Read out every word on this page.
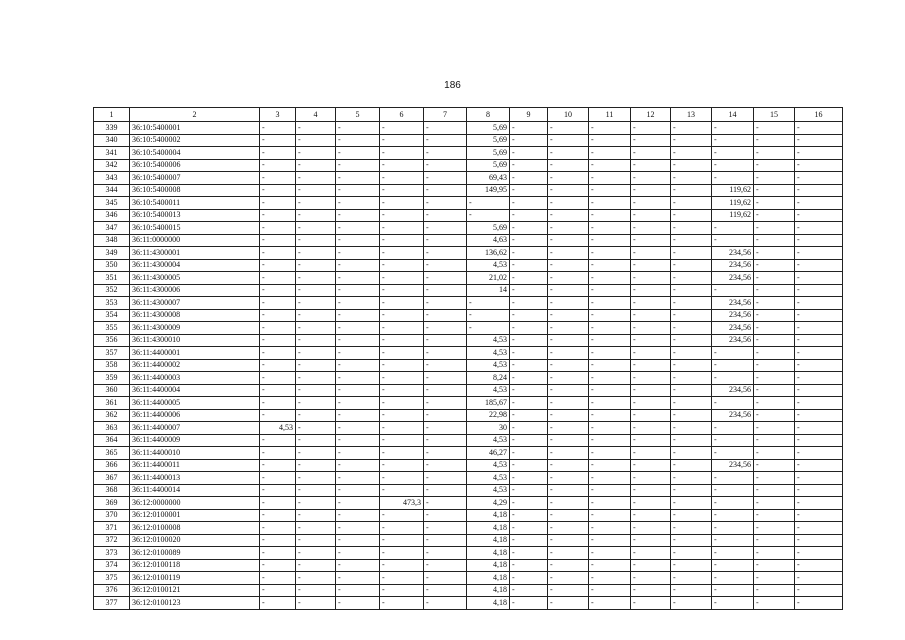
186
1	2	3	4	5	6	7	8	9	10	11	12	13	14	15	16
339	36:10:5400001	-	-	-	-	-	5,69	-	-	-	-	-	-	-	-
340	36:10:5400002	-	-	-	-	-	5,69	-	-	-	-	-	-	-	-
341	36:10:5400004	-	-	-	-	-	5,69	-	-	-	-	-	-	-	-
342	36:10:5400006	-	-	-	-	-	5,69	-	-	-	-	-	-	-	-
343	36:10:5400007	-	-	-	-	-	69,43	-	-	-	-	-	-	-	-
344	36:10:5400008	-	-	-	-	-	149,95	-	-	-	-	-	119,62	-	-
345	36:10:5400011	-	-	-	-	-	-	-	-	-	-	-	119,62	-	-
346	36:10:5400013	-	-	-	-	-	-	-	-	-	-	-	119,62	-	-
347	36:10:5400015	-	-	-	-	-	5,69	-	-	-	-	-	-	-	-
348	36:11:0000000	-	-	-	-	-	4,63	-	-	-	-	-	-	-	-
349	36:11:4300001	-	-	-	-	-	136,62	-	-	-	-	-	234,56	-	-
350	36:11:4300004	-	-	-	-	-	4,53	-	-	-	-	-	234,56	-	-
351	36:11:4300005	-	-	-	-	-	21,02	-	-	-	-	-	234,56	-	-
352	36:11:4300006	-	-	-	-	-	14	-	-	-	-	-	-	-	-
353	36:11:4300007	-	-	-	-	-	-	-	-	-	-	-	234,56	-	-
354	36:11:4300008	-	-	-	-	-	-	-	-	-	-	-	234,56	-	-
355	36:11:4300009	-	-	-	-	-	-	-	-	-	-	-	234,56	-	-
356	36:11:4300010	-	-	-	-	-	4,53	-	-	-	-	-	234,56	-	-
357	36:11:4400001	-	-	-	-	-	4,53	-	-	-	-	-	-	-	-
358	36:11:4400002	-	-	-	-	-	4,53	-	-	-	-	-	-	-	-
359	36:11:4400003	-	-	-	-	-	8,24	-	-	-	-	-	-	-	-
360	36:11:4400004	-	-	-	-	-	4,53	-	-	-	-	-	234,56	-	-
361	36:11:4400005	-	-	-	-	-	185,67	-	-	-	-	-	-	-	-
362	36:11:4400006	-	-	-	-	-	22,98	-	-	-	-	-	234,56	-	-
363	36:11:4400007	4,53	-	-	-	-	30	-	-	-	-	-	-	-	-
364	36:11:4400009	-	-	-	-	-	4,53	-	-	-	-	-	-	-	-
365	36:11:4400010	-	-	-	-	-	46,27	-	-	-	-	-	-	-	-
366	36:11:4400011	-	-	-	-	-	4,53	-	-	-	-	-	234,56	-	-
367	36:11:4400013	-	-	-	-	-	4,53	-	-	-	-	-	-	-	-
368	36:11:4400014	-	-	-	-	-	4,53	-	-	-	-	-	-	-	-
369	36:12:0000000	-	-	-	473,3	-	4,29	-	-	-	-	-	-	-	-
370	36:12:0100001	-	-	-	-	-	4,18	-	-	-	-	-	-	-	-
371	36:12:0100008	-	-	-	-	-	4,18	-	-	-	-	-	-	-	-
372	36:12:0100020	-	-	-	-	-	4,18	-	-	-	-	-	-	-	-
373	36:12:0100089	-	-	-	-	-	4,18	-	-	-	-	-	-	-	-
374	36:12:0100118	-	-	-	-	-	4,18	-	-	-	-	-	-	-	-
375	36:12:0100119	-	-	-	-	-	4,18	-	-	-	-	-	-	-	-
376	36:12:0100121	-	-	-	-	-	4,18	-	-	-	-	-	-	-	-
377	36:12:0100123	-	-	-	-	-	4,18	-	-	-	-	-	-	-	-
